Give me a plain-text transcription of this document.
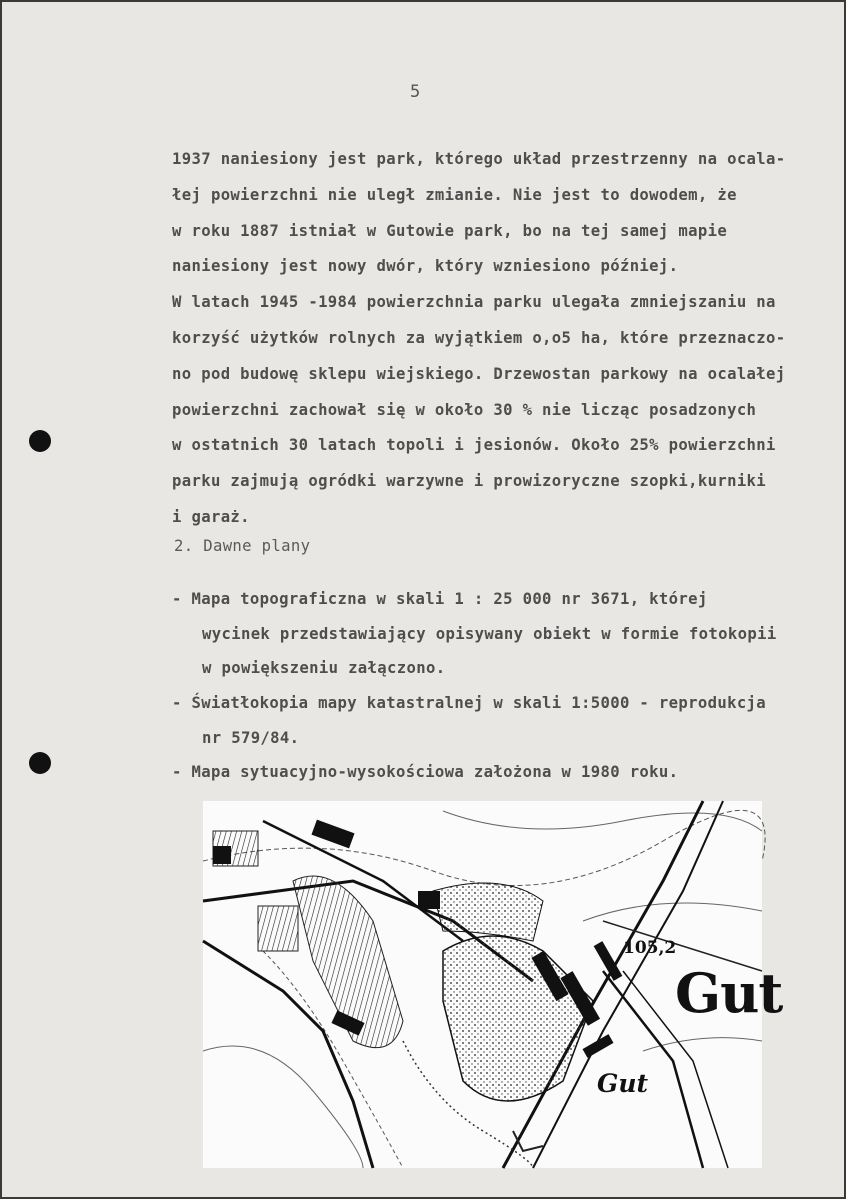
5
1937 naniesiony jest park, którego układ przestrzenny na ocala-
łej powierzchni nie uległ zmianie. Nie jest to dowodem, że
w roku 1887 istniał w Gutowie park, bo na tej samej mapie
naniesiony jest nowy dwór, który wzniesiono później.
W latach 1945 -1984 powierzchnia parku ulegała zmniejszaniu na
korzyść użytków rolnych za wyjątkiem o,o5 ha, które przeznaczo-
no pod budowę sklepu wiejskiego. Drzewostan parkowy na ocalałej
powierzchni zachował się w około 30 % nie licząc posadzonych
w ostatnich 30 latach topoli i jesionów. Około 25% powierzchni
parku zajmują ogródki warzywne i prowizoryczne szopki,kurniki
i garaż.
2. Dawne plany
- Mapa topograficzna w skali 1 : 25 000 nr 3671, której
wycinek przedstawiający opisywany obiekt w formie fotokopii
w powiększeniu załączono.
- Światłokopia mapy katastralnej w skali 1:5000 - reprodukcja
nr 579/84.
- Mapa sytuacyjno-wysokościowa założona w 1980 roku.
105,2
Gut
Gut
